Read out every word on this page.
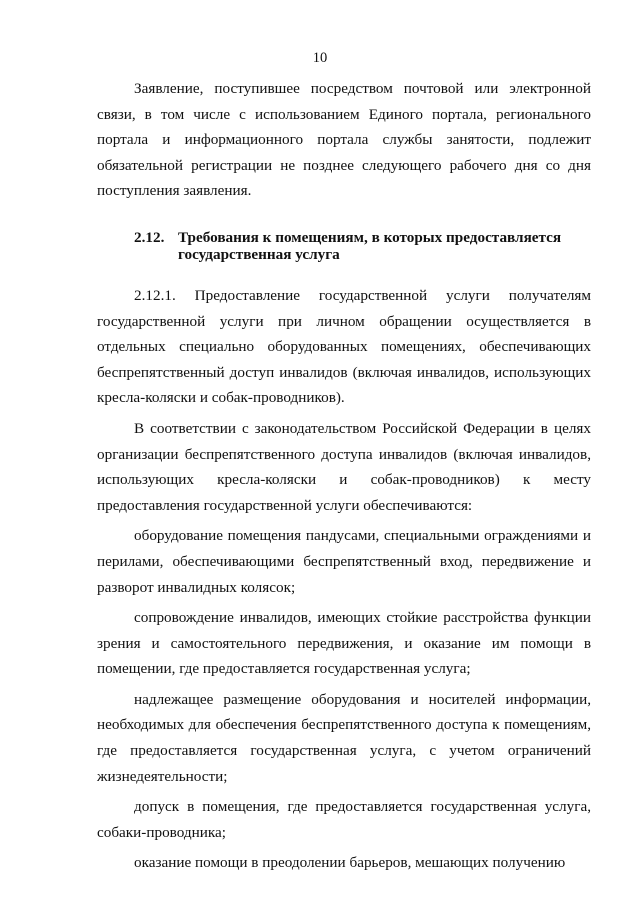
10

Заявление, поступившее посредством почтовой или электронной связи, в том числе с использованием Единого портала, регионального портала и информационного портала службы занятости, подлежит обязательной регистрации не позднее следующего рабочего дня со дня поступления заявления.

2.12. Требования к помещениям, в которых предоставляется
государственная услуга

2.12.1. Предоставление государственной услуги получателям государственной услуги при личном обращении осуществляется в отдельных специально оборудованных помещениях, обеспечивающих беспрепятственный доступ инвалидов (включая инвалидов, использующих кресла-коляски и собак-проводников).

В соответствии с законодательством Российской Федерации в целях организации беспрепятственного доступа инвалидов (включая инвалидов, использующих кресла-коляски и собак-проводников) к месту предоставления государственной услуги обеспечиваются:

оборудование помещения пандусами, специальными ограждениями и перилами, обеспечивающими беспрепятственный вход, передвижение и разворот инвалидных колясок;

сопровождение инвалидов, имеющих стойкие расстройства функции зрения и самостоятельного передвижения, и оказание им помощи в помещении, где предоставляется государственная услуга;

надлежащее размещение оборудования и носителей информации, необходимых для обеспечения беспрепятственного доступа к помещениям, где предоставляется государственная услуга, с учетом ограничений жизнедеятельности;

допуск в помещения, где предоставляется государственная услуга, собаки-проводника;

оказание помощи в преодолении барьеров, мешающих получению
